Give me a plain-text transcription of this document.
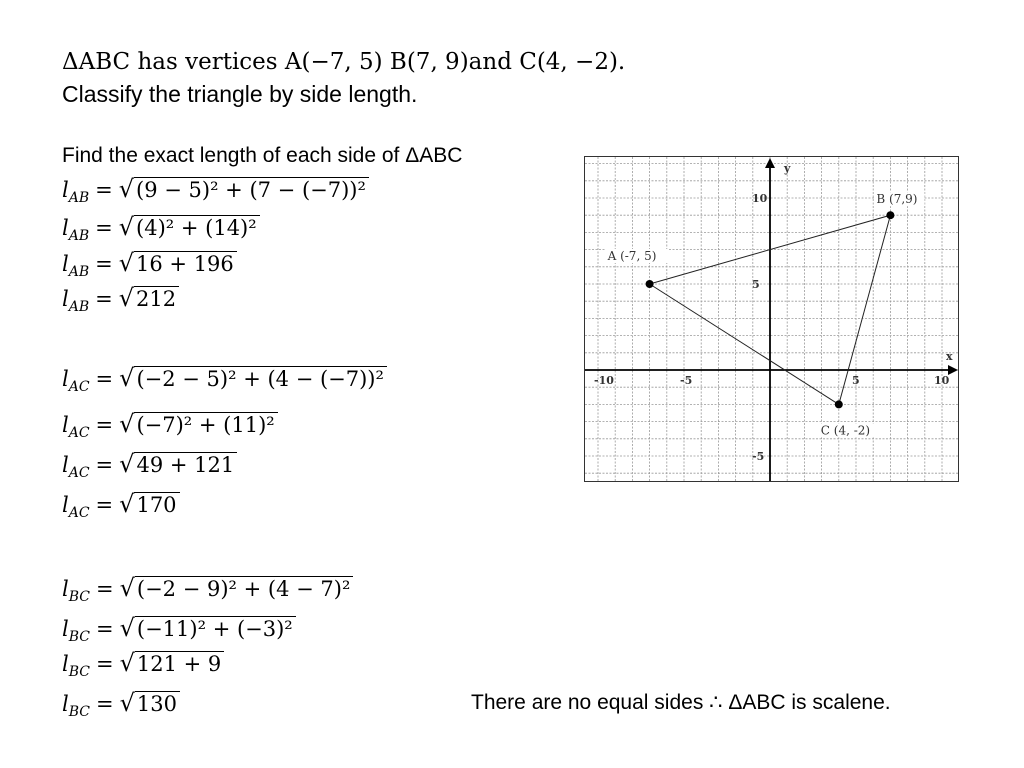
ΔABC has vertices A(−7, 5) B(7, 9)and C(4, −2).
Classify the triangle by side length.
Find the exact length of each side of ΔABC
$l_{AB} = √(9 - 5)^2 + (7 - (-7))^2$
$l_{AB} = √(4)^2 + (14)^2$
$l_{AB} = √16 + 196$
$l_{AB} = √212$
$l_{AC} = √(-2 - 5)^2 + (4 - (-7))^2$
$l_{AC} = √(-7)^2 + (11)^2$
$l_{AC} = √49 + 121$
$l_{AC} = √170$
$l_{BC} = √(-2 - 9)^2 + (4 - 7)^2$
$l_{BC} = √(-11)^2 + (-3)^2$
$l_{BC} = √121 + 9$
$l_{BC} = √130$	There are no equal sides ∴ ΔABC is scalene.
x
y
-10	-5	5	10
10
5
-5
A (-7, 5)
B (7,9)
C (4, -2)
